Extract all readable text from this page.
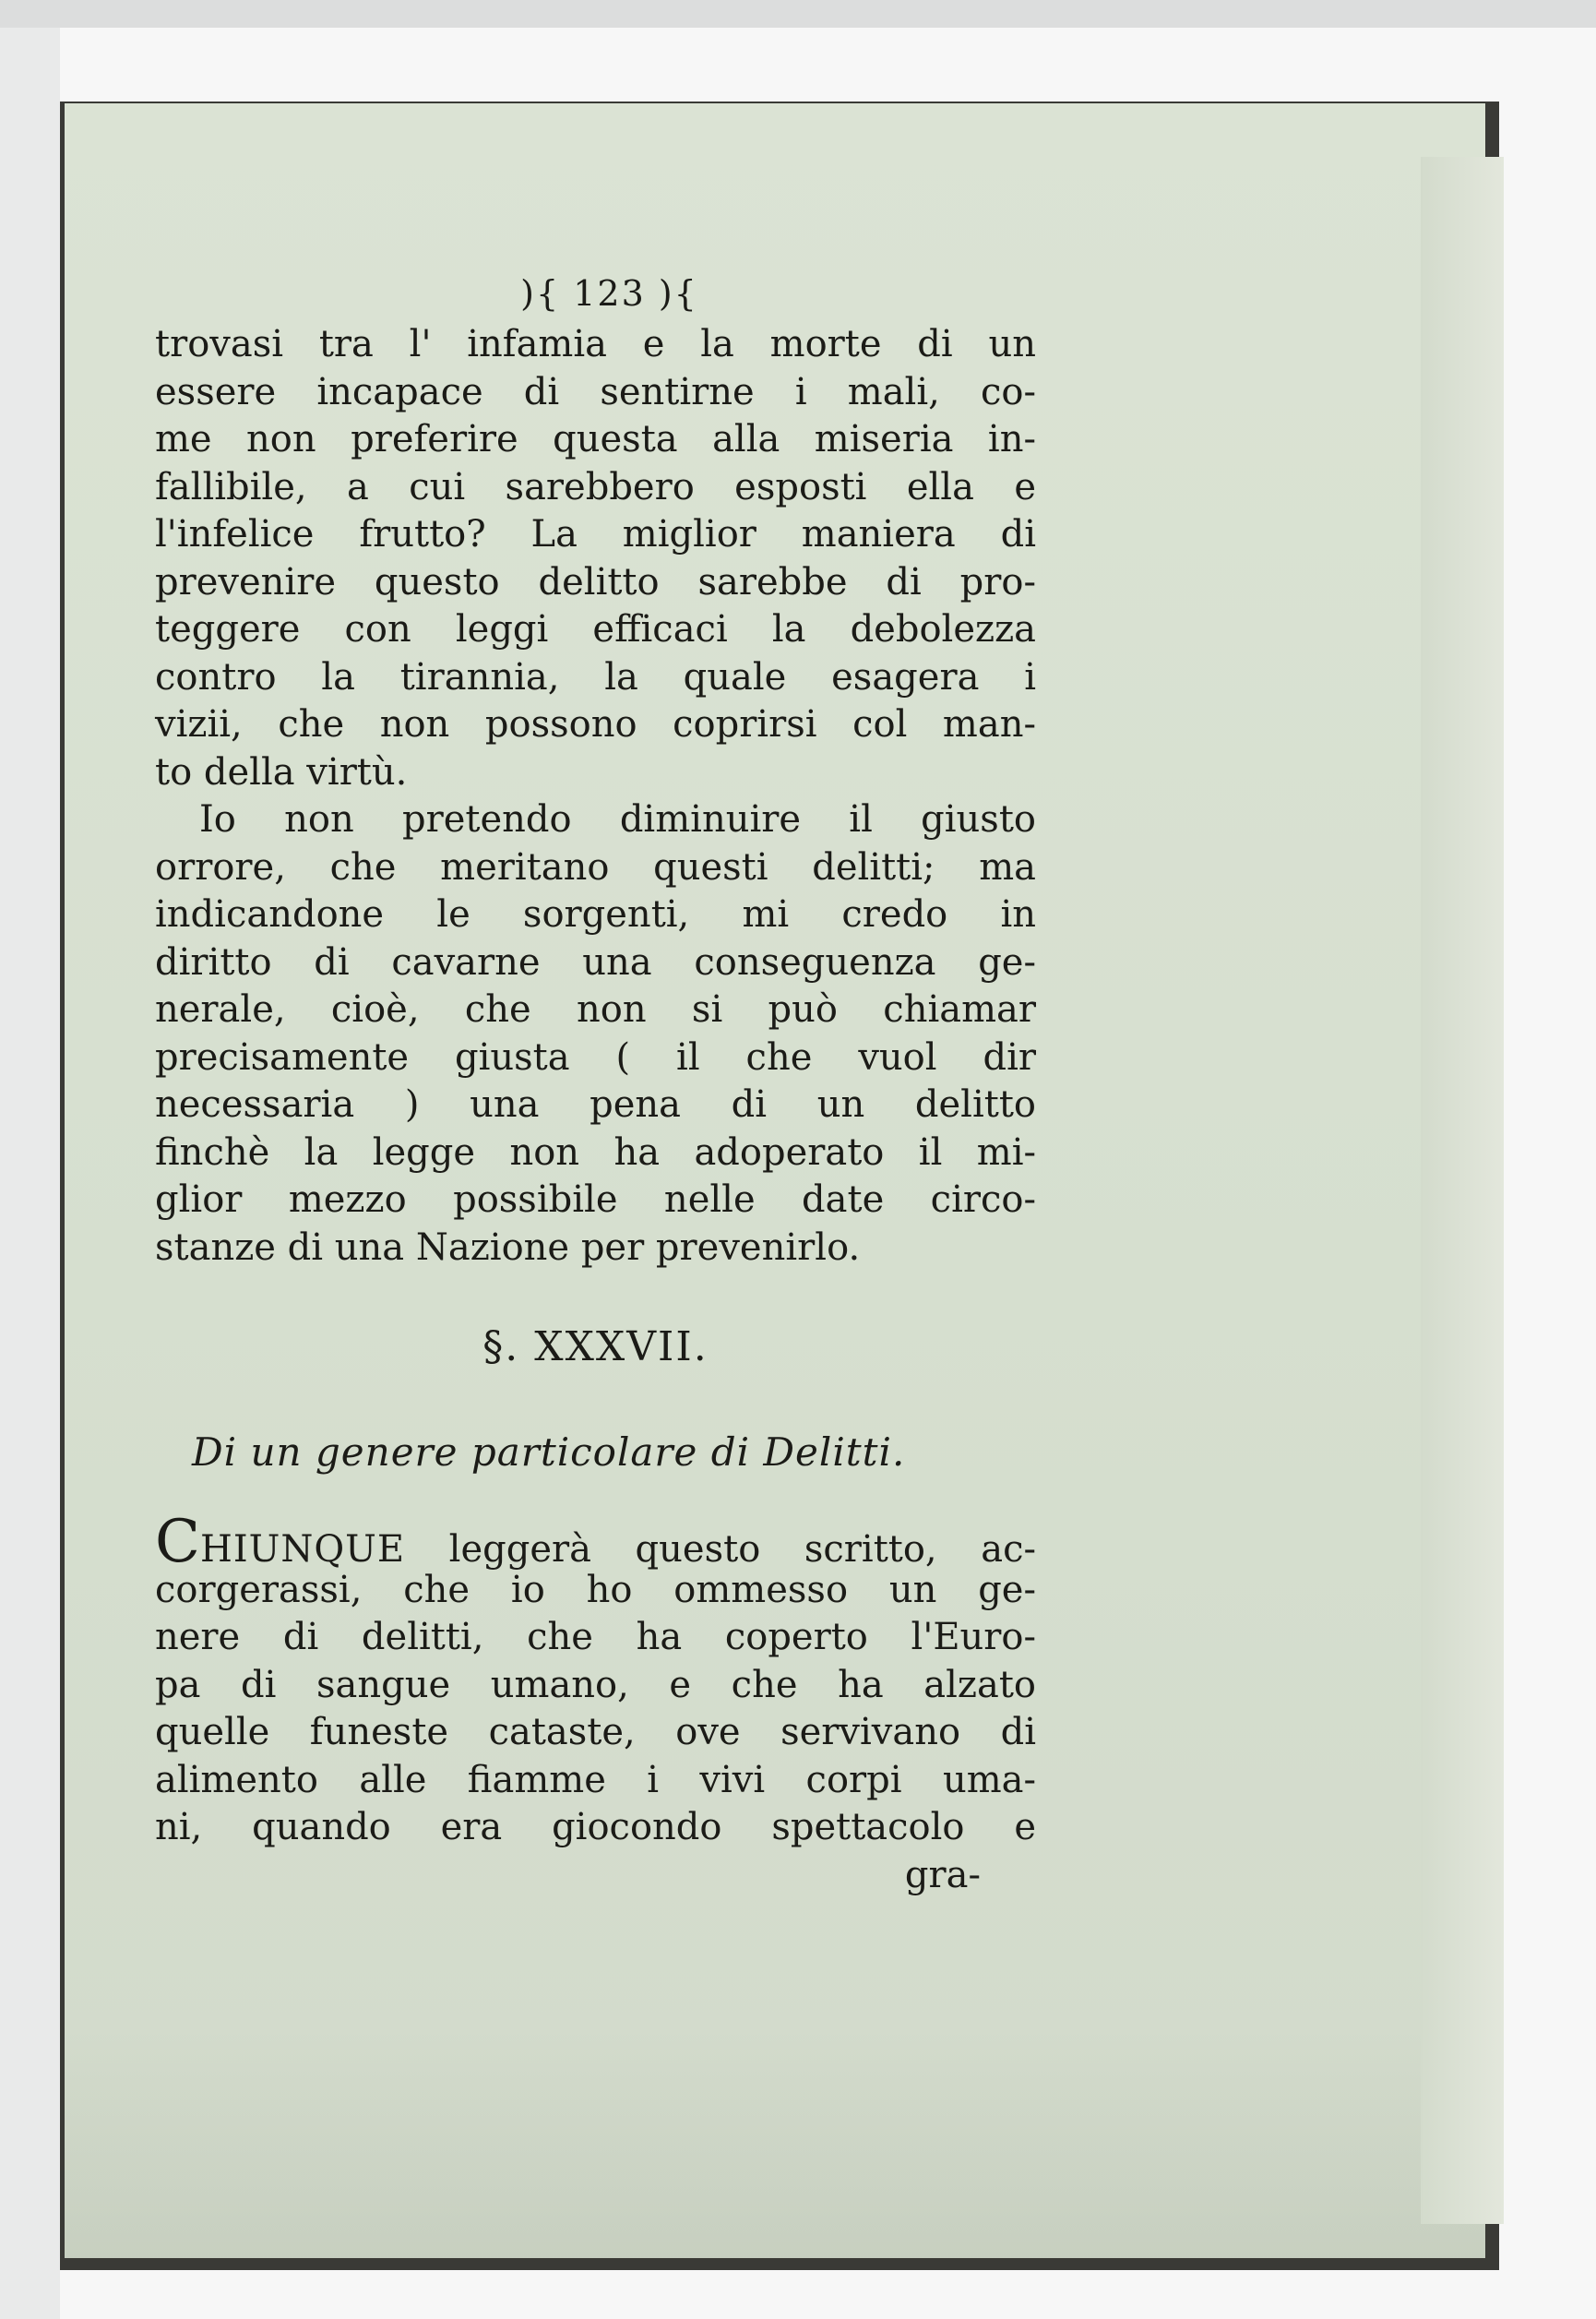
){ 123 ){
trovasi tra l' infamia e la morte di un
essere incapace di sentirne i mali, co-
me non preferire questa alla miseria in-
fallibile, a cui sarebbero esposti ella e
l'infelice frutto? La miglior maniera di
prevenire questo delitto sarebbe di pro-
teggere con leggi efficaci la debolezza
contro la tirannia, la quale esagera i
vizii, che non possono coprirsi col man-
to della virtù.
Io non pretendo diminuire il giusto
orrore, che meritano questi delitti; ma
indicandone le sorgenti, mi credo in
diritto di cavarne una conseguenza ge-
nerale, cioè, che non si può chiamar
precisamente giusta ( il che vuol dir
necessaria ) una pena di un delitto
finchè la legge non ha adoperato il mi-
glior mezzo possibile nelle date circo-
stanze di una Nazione per prevenirlo.
§. XXXVII.
Di un genere particolare di Delitti.
CHIUNQUE leggerà questo scritto, ac-
corgerassi, che io ho ommesso un ge-
nere di delitti, che ha coperto l'Euro-
pa di sangue umano, e che ha alzato
quelle funeste cataste, ove servivano di
alimento alle fiamme i vivi corpi uma-
ni, quando era giocondo spettacolo e
gra-
